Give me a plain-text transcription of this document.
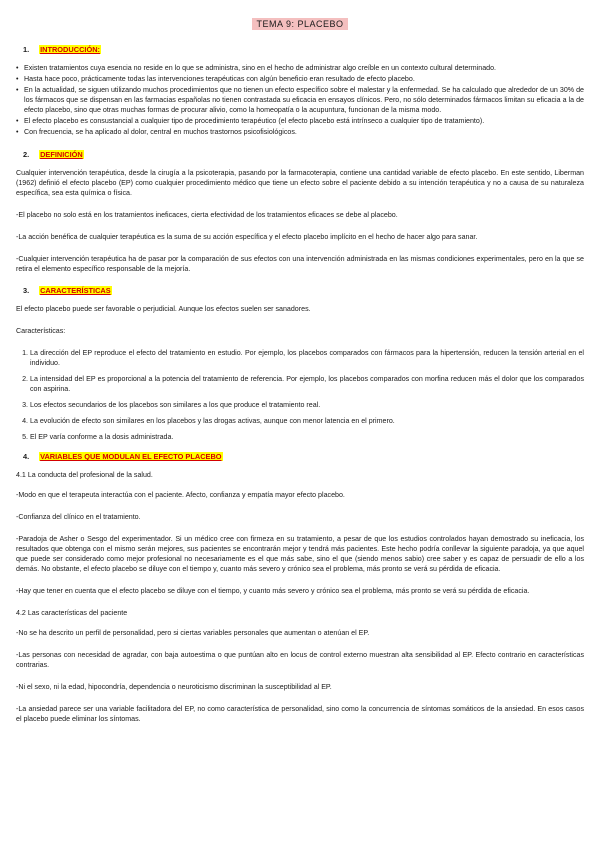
TEMA 9: PLACEBO
1. INTRODUCCIÓN:
• Existen tratamientos cuya esencia no reside en lo que se administra, sino en el hecho de administrar algo creíble en un contexto cultural determinado.
• Hasta hace poco, prácticamente todas las intervenciones terapéuticas con algún beneficio eran resultado de efecto placebo.
• En la actualidad, se siguen utilizando muchos procedimientos que no tienen un efecto específico sobre el malestar y la enfermedad. Se ha calculado que alrededor de un 30% de los fármacos que se dispensan en las farmacias españolas no tienen contrastada su eficacia en ensayos clínicos. Pero, no sólo determinados fármacos limitan su eficacia a la de efecto placebo, sino que otras muchas formas de procurar alivio, como la homeopatía o la acupuntura, funcionan de la misma modo.
• El efecto placebo es consustancial a cualquier tipo de procedimiento terapéutico (el efecto placebo está intrínseco a cualquier tipo de tratamiento).
• Con frecuencia, se ha aplicado al dolor, central en muchos trastornos psicofisiológicos.
2. DEFINICIÓN

Cualquier intervención terapéutica, desde la cirugía a la psicoterapia, pasando por la farmacoterapia, contiene una cantidad variable de efecto placebo. En este sentido, Liberman (1962) definió el efecto placebo (EP) como cualquier procedimiento médico que tiene un efecto sobre el paciente debido a su intención terapéutica y no a causa de su naturaleza específica, sea esta química o física.

-El placebo no solo está en los tratamientos ineficaces, cierta efectividad de los tratamientos eficaces se debe al placebo.

-La acción benéfica de cualquier terapéutica es la suma de su acción específica y el efecto placebo implícito en el hecho de hacer algo para sanar.

-Cualquier intervención terapéutica ha de pasar por la comparación de sus efectos con una intervención administrada en las mismas condiciones experimentales, pero en la que se retira el elemento específico responsable de la mejoría.

3. CARACTERÍSTICAS

El efecto placebo puede ser favorable o perjudicial. Aunque los efectos suelen ser sanadores.

Características:

1. La dirección del EP reproduce el efecto del tratamiento en estudio. Por ejemplo, los placebos comparados con fármacos para la hipertensión, reducen la tensión arterial en el individuo.
2. La intensidad del EP es proporcional a la potencia del tratamiento de referencia. Por ejemplo, los placebos comparados con morfina reducen más el dolor que los comparados con aspirina.
3. Los efectos secundarios de los placebos son similares a los que produce el tratamiento real.
4. La evolución de efecto son similares en los placebos y las drogas activas, aunque con menor latencia en el primero.
5. El EP varía conforme a la dosis administrada.
4. VARIABLES QUE MODULAN EL EFECTO PLACEBO

4.1 La conducta del profesional de la salud.

-Modo en que el terapeuta interactúa con el paciente. Afecto, confianza y empatía mayor efecto placebo.

-Confianza del clínico en el tratamiento.

-Paradoja de Asher o Sesgo del experimentador. Si un médico cree con firmeza en su tratamiento, a pesar de que los estudios controlados hayan demostrado su ineficacia, los resultados que obtenga con el mismo serán mejores, sus pacientes se encontrarán mejor y tendrá más pacientes. Este hecho podría conllevar la siguiente paradoja, ya que aquel que puede ser considerado como mejor profesional no necesariamente es el que más sabe, sino el que (siendo menos sabio) cree saber y es capaz de persuadir de ello a los demás. No obstante, el efecto placebo se diluye con el tiempo y, cuanto más severo y crónico sea el problema, más pronto se verá su pérdida de eficacia.

-Hay que tener en cuenta que el efecto placebo se diluye con el tiempo, y cuanto más severo y crónico sea el problema, más pronto se verá su pérdida de eficacia.

4.2 Las características del paciente

-No se ha descrito un perfil de personalidad, pero si ciertas variables personales que aumentan o atenúan el EP.

-Las personas con necesidad de agradar, con baja autoestima o que puntúan alto en locus de control externo muestran alta sensibilidad al EP. Efecto contrario en características contrarias.

-Ni el sexo, ni la edad, hipocondría, dependencia o neuroticismo discriminan la susceptibilidad al EP.

-La ansiedad parece ser una variable facilitadora del EP, no como característica de personalidad, sino como la concurrencia de síntomas somáticos de la ansiedad. En esos casos el placebo puede eliminar los síntomas.
